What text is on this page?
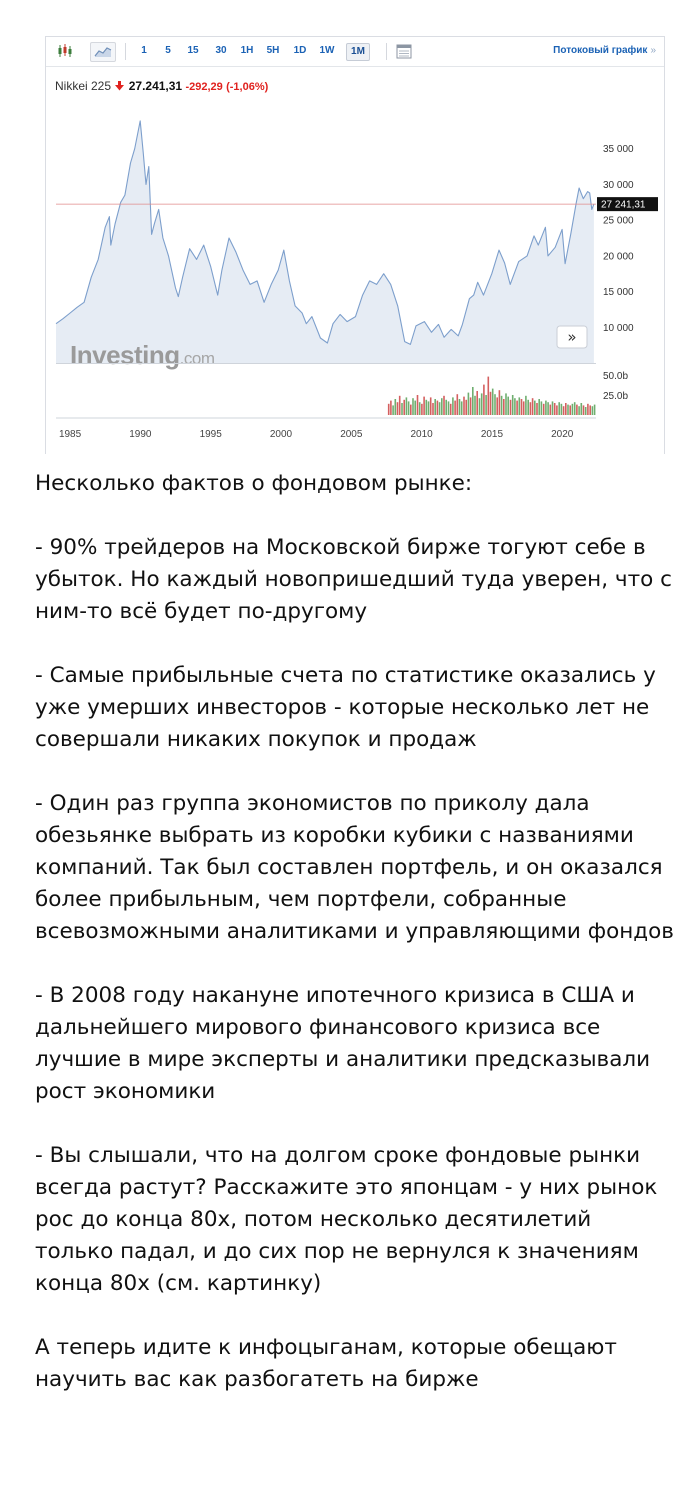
Investing.com
35 000
30 000
25 000
20 000
15 000
10 000
27 241,31
»
50.0b
25.0b
1985	1990	1995	2000	2005	2010	2015	2020
1	5	15 30 1H 5H 1D 1W	1M	Потоковый график »
Nikkei 225 27.241,31 -292,29 (-1,06%)

Несколько фактов о фондовом рынке:

- 90% трейдеров на Московской бирже тогуют себе в убыток. Но каждый новопришедший туда уверен, что с ним-то всё будет по-другому

- Самые прибыльные счета по статистике оказались у уже умерших инвесторов - которые несколько лет не совершали никаких покупок и продаж

- Один раз группа экономистов по приколу дала обезьянке выбрать из коробки кубики с названиями компаний. Так был составлен портфель, и он оказался более прибыльным, чем портфели, собранные всевозможными аналитиками и управляющими фондов

- В 2008 году накануне ипотечного кризиса в США и дальнейшего мирового финансового кризиса все лучшие в мире эксперты и аналитики предсказывали рост экономики

- Вы слышали, что на долгом сроке фондовые рынки всегда растут? Расскажите это японцам - у них рынок рос до конца 80х, потом несколько десятилетий только падал, и до сих пор не вернулся к значениям конца 80х (см. картинку)

А теперь идите к инфоцыганам, которые обещают научить вас как разбогатеть на бирже
